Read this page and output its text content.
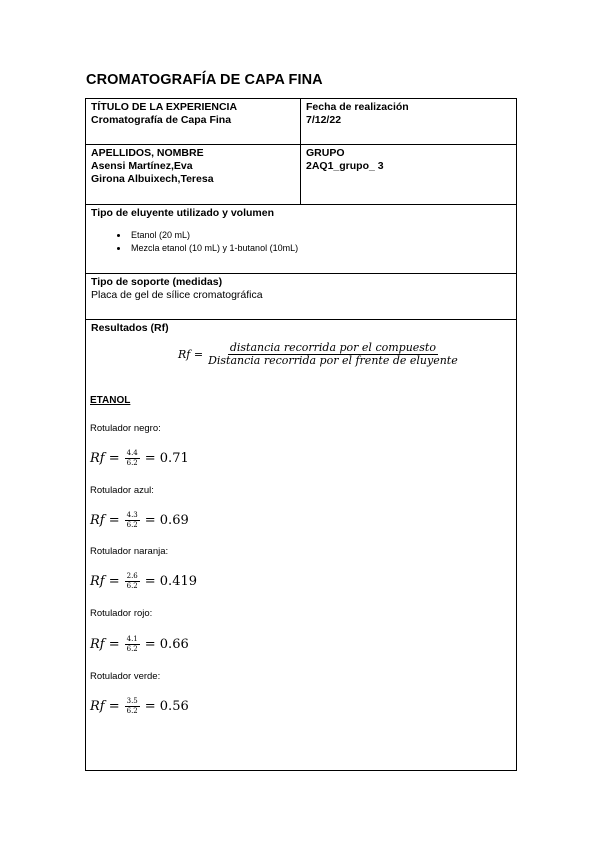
CROMATOGRAFÍA DE CAPA FINA
TÍTULO DE LA EXPERIENCIA
Cromatografía de Capa Fina
Fecha de realización
7/12/22
APELLIDOS, NOMBRE
Asensi Martínez,Eva
Girona Albuixech,Teresa
GRUPO
2AQ1_grupo_ 3
Tipo de eluyente utilizado y volumen
• Etanol (20 mL)
• Mezcla etanol (10 mL) y 1-butanol (10mL)
Tipo de soporte (medidas)
Placa de gel de sílice cromatográfica
Resultados (Rf)
$Rf = \frac{\text{distancia recorrida por el compuesto}}{\text{Distancia recorrida por el frente de eluyente}}$
ETANOL
Rotulador negro:
$Rf = \frac{4.4}{6.2} = 0.71$
Rotulador azul:
$Rf = \frac{4.3}{6.2} = 0.69$
Rotulador naranja:
$Rf = \frac{2.6}{6.2} = 0.419$
Rotulador rojo:
$Rf = \frac{4.1}{6.2} = 0.66$
Rotulador verde:
$Rf = \frac{3.5}{6.2} = 0.56$
